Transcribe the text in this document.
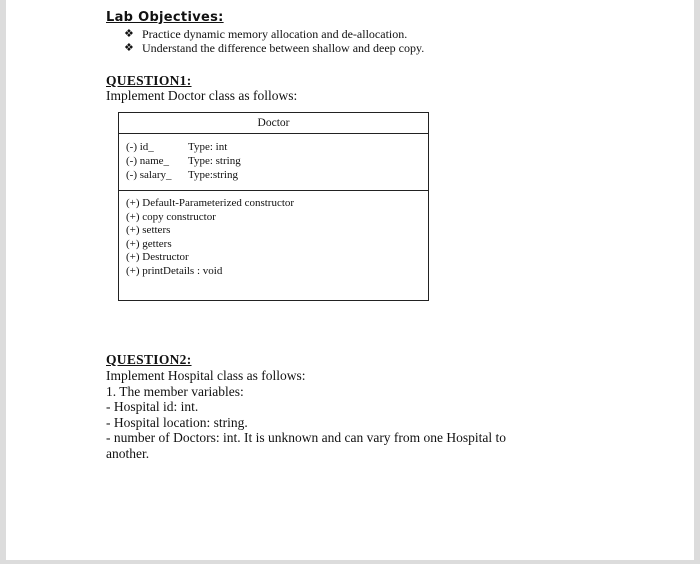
Lab Objectives:
❖ Practice dynamic memory allocation and de-allocation.
❖ Understand the difference between shallow and deep copy.
QUESTION1:
Implement Doctor class as follows:
Doctor
(-) id_	Type: int
(-) name_	Type: string
(-) salary_	Type:string
(+) Default-Parameterized constructor
(+) copy constructor
(+) setters
(+) getters
(+) Destructor
(+) printDetails : void
QUESTION2:
Implement Hospital class as follows:
1. The member variables:
- Hospital id: int.
- Hospital location: string.
- number of Doctors: int. It is unknown and can vary from one Hospital to
another.
